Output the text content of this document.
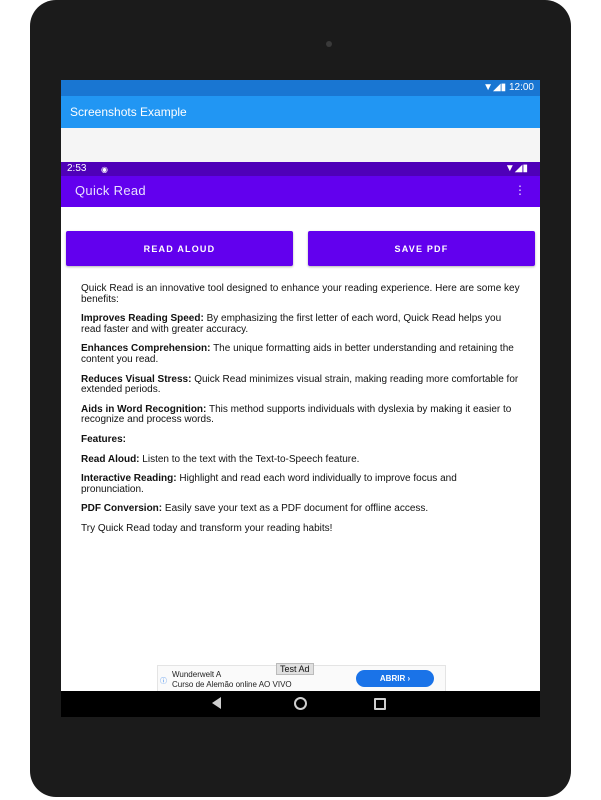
▼◢▮ 12:00
Screenshots Example
2:53 ◉	▼◢▮
Quick Read	⋮
READ ALOUD	SAVE PDF

Quick Read is an innovative tool designed to enhance your reading experience. Here are some key benefits:

Improves Reading Speed: By emphasizing the first letter of each word, Quick Read helps you read faster and with greater accuracy.

Enhances Comprehension: The unique formatting aids in better understanding and retaining the content you read.

Reduces Visual Stress: Quick Read minimizes visual strain, making reading more comfortable for extended periods.

Aids in Word Recognition: This method supports individuals with dyslexia by making it easier to recognize and process words.

Features:

Read Aloud: Listen to the text with the Text-to-Speech feature.

Interactive Reading: Highlight and read each word individually to improve focus and pronunciation.

PDF Conversion: Easily save your text as a PDF document for offline access.

Try Quick Read today and transform your reading habits!

Test Ad
ⓘ
Wunderwelt A
Curso de Alemão online AO VIVO
ABRIR ›
